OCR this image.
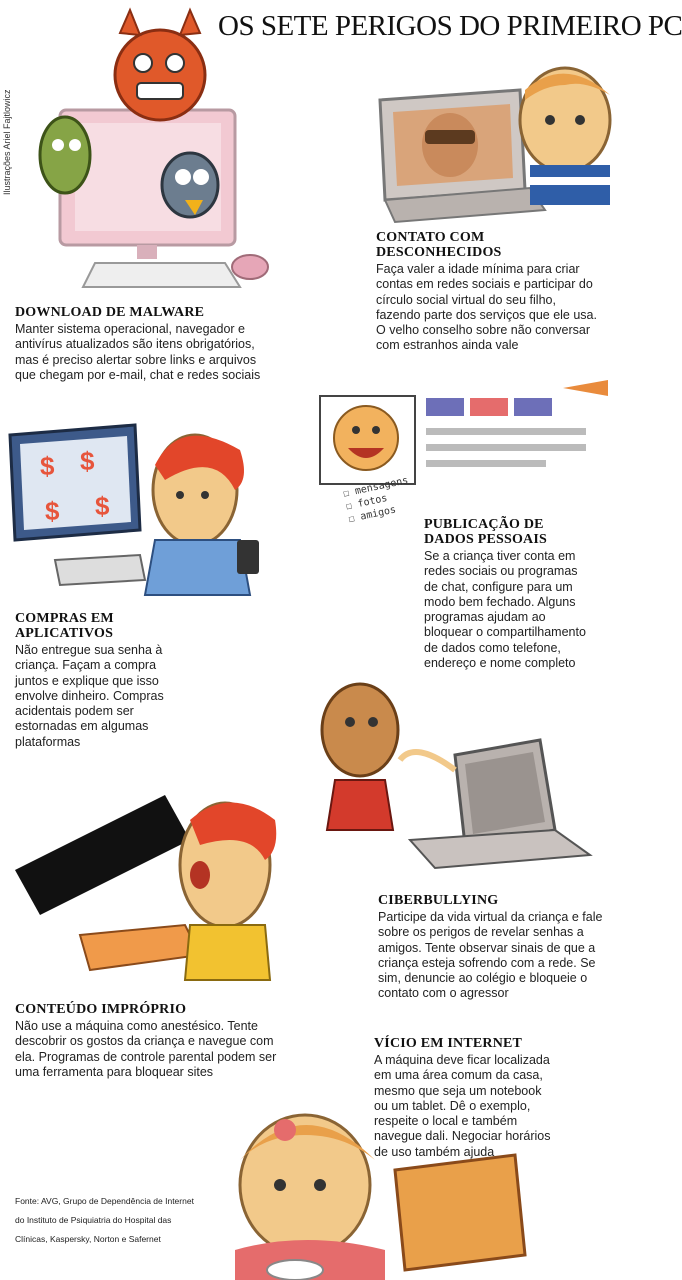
OS SETE PERIGOS DO PRIMEIRO PC
Ilustrações Ariel Fajtlowicz
$ $
$ $	☐ mensagens
☐ fotos
☐ amigos
DOWNLOAD DE MALWARE

Manter sistema operacional, navegador e antivírus atualizados são itens obrigatórios, mas é preciso alertar sobre links e arquivos que chegam por e-mail, chat e redes sociais

CONTATO COM DESCONHECIDOS

Faça valer a idade mínima para criar contas em redes sociais e participar do círculo social virtual do seu filho, fazendo parte dos serviços que ele usa. O velho conselho sobre não conversar com estranhos ainda vale

COMPRAS EM APLICATIVOS

Não entregue sua senha à criança. Façam a compra juntos e explique que isso envolve dinheiro. Compras acidentais podem ser estornadas em algumas plataformas

PUBLICAÇÃO DE DADOS PESSOAIS

Se a criança tiver conta em redes sociais ou programas de chat, configure para um modo bem fechado. Alguns programas ajudam ao bloquear o compartilhamento de dados como telefone, endereço e nome completo

CIBERBULLYING

Participe da vida virtual da criança e fale sobre os perigos de revelar senhas a amigos. Tente observar sinais de que a criança esteja sofrendo com a rede. Se sim, denuncie ao colégio e bloqueie o contato com o agressor

CONTEÚDO IMPRÓPRIO

Não use a máquina como anestésico. Tente descobrir os gostos da criança e navegue com ela. Programas de controle parental podem ser uma ferramenta para bloquear sites

VÍCIO EM INTERNET

A máquina deve ficar localizada em uma área comum da casa, mesmo que seja um notebook ou um tablet. Dê o exemplo, respeite o local e também navegue dali. Negociar horários de uso também ajuda

Fonte: AVG, Grupo de Dependência de Internet do Instituto de Psiquiatria do Hospital das Clínicas, Kaspersky, Norton e Safernet
